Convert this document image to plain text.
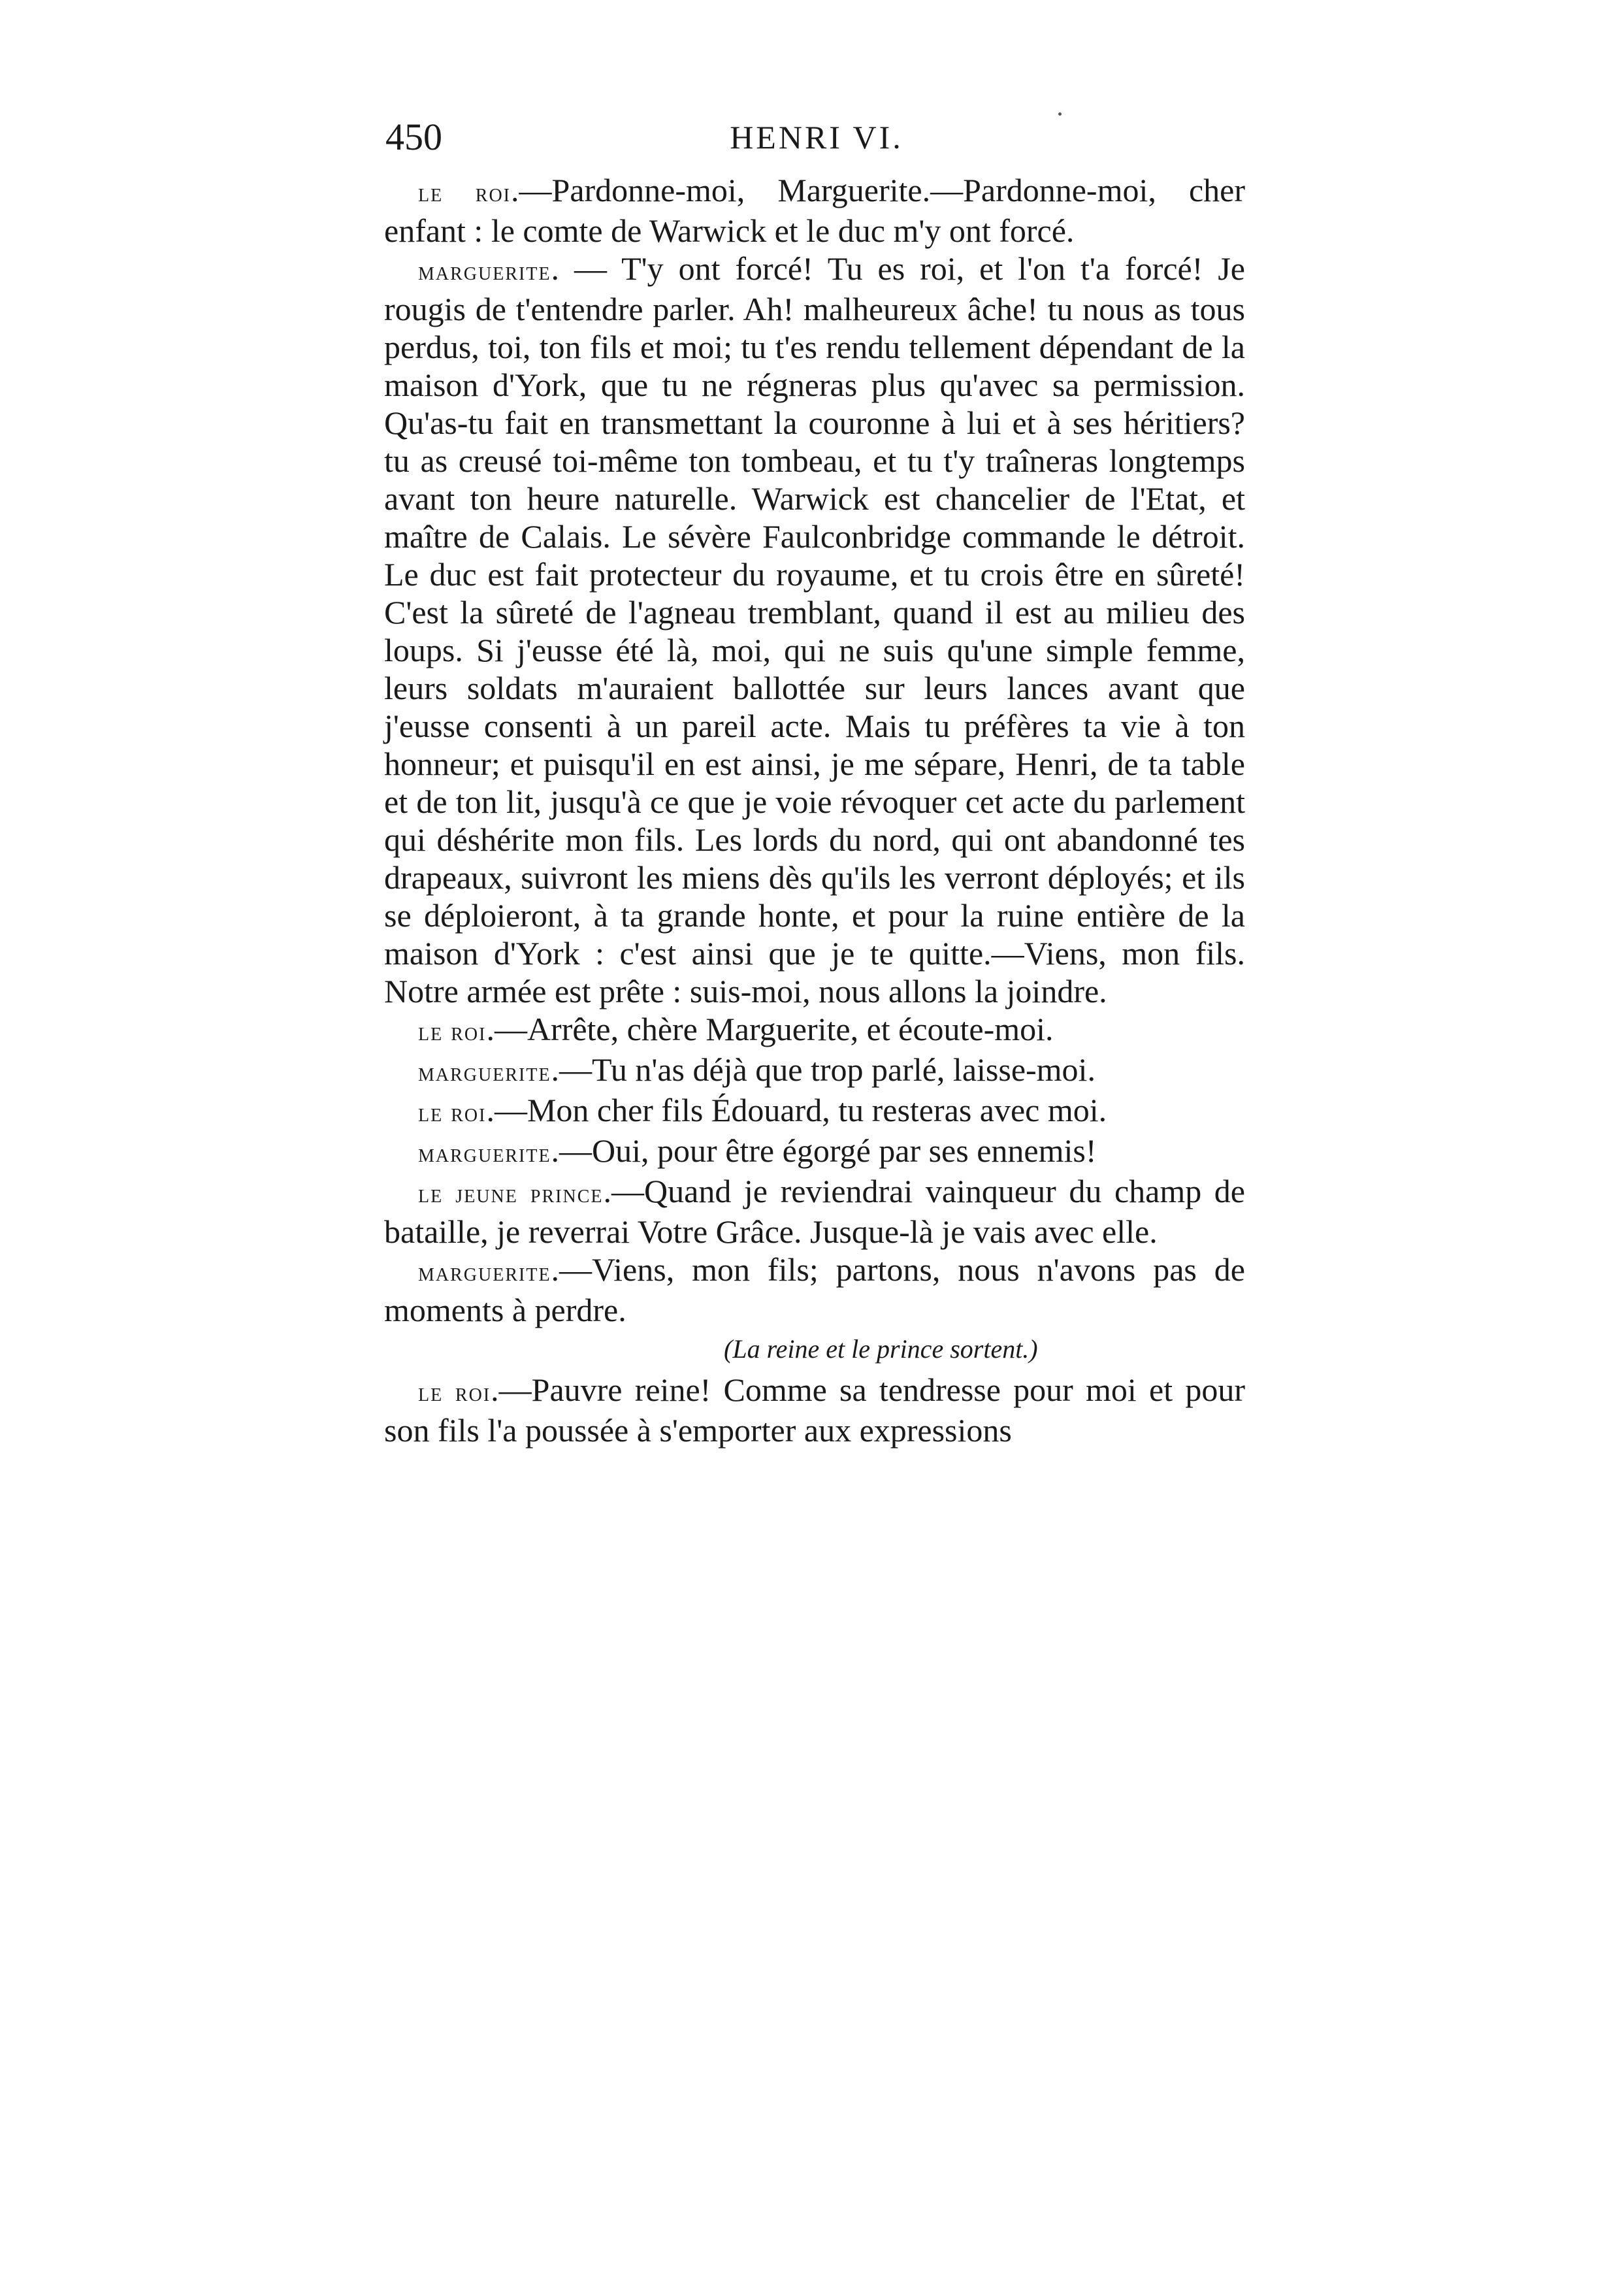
450	HENRI VI.

le roi.—Pardonne-moi, Marguerite.—Pardonne-moi, cher enfant : le comte de Warwick et le duc m'y ont forcé.

marguerite. — T'y ont forcé! Tu es roi, et l'on t'a forcé! Je rougis de t'entendre parler. Ah! malheureux âche! tu nous as tous perdus, toi, ton fils et moi; tu t'es rendu tellement dépendant de la maison d'York, que tu ne régneras plus qu'avec sa permission. Qu'as-tu fait en transmettant la couronne à lui et à ses héritiers? tu as creusé toi-même ton tombeau, et tu t'y traîneras longtemps avant ton heure naturelle. Warwick est chancelier de l'Etat, et maître de Calais. Le sévère Faulconbridge commande le détroit. Le duc est fait protecteur du royaume, et tu crois être en sûreté! C'est la sûreté de l'agneau tremblant, quand il est au milieu des loups. Si j'eusse été là, moi, qui ne suis qu'une simple femme, leurs soldats m'auraient ballottée sur leurs lances avant que j'eusse consenti à un pareil acte. Mais tu préfères ta vie à ton honneur; et puisqu'il en est ainsi, je me sépare, Henri, de ta table et de ton lit, jusqu'à ce que je voie révoquer cet acte du parlement qui déshérite mon fils. Les lords du nord, qui ont abandonné tes drapeaux, suivront les miens dès qu'ils les verront déployés; et ils se déploieront, à ta grande honte, et pour la ruine entière de la maison d'York : c'est ainsi que je te quitte.—Viens, mon fils. Notre armée est prête : suis-moi, nous allons la joindre.

le roi.—Arrête, chère Marguerite, et écoute-moi.

marguerite.—Tu n'as déjà que trop parlé, laisse-moi.

le roi.—Mon cher fils Édouard, tu resteras avec moi.

marguerite.—Oui, pour être égorgé par ses ennemis!

le jeune prince.—Quand je reviendrai vainqueur du champ de bataille, je reverrai Votre Grâce. Jusque-là je vais avec elle.

marguerite.—Viens, mon fils; partons, nous n'avons pas de moments à perdre.

(La reine et le prince sortent.)

le roi.—Pauvre reine! Comme sa tendresse pour moi et pour son fils l'a poussée à s'emporter aux expressions
